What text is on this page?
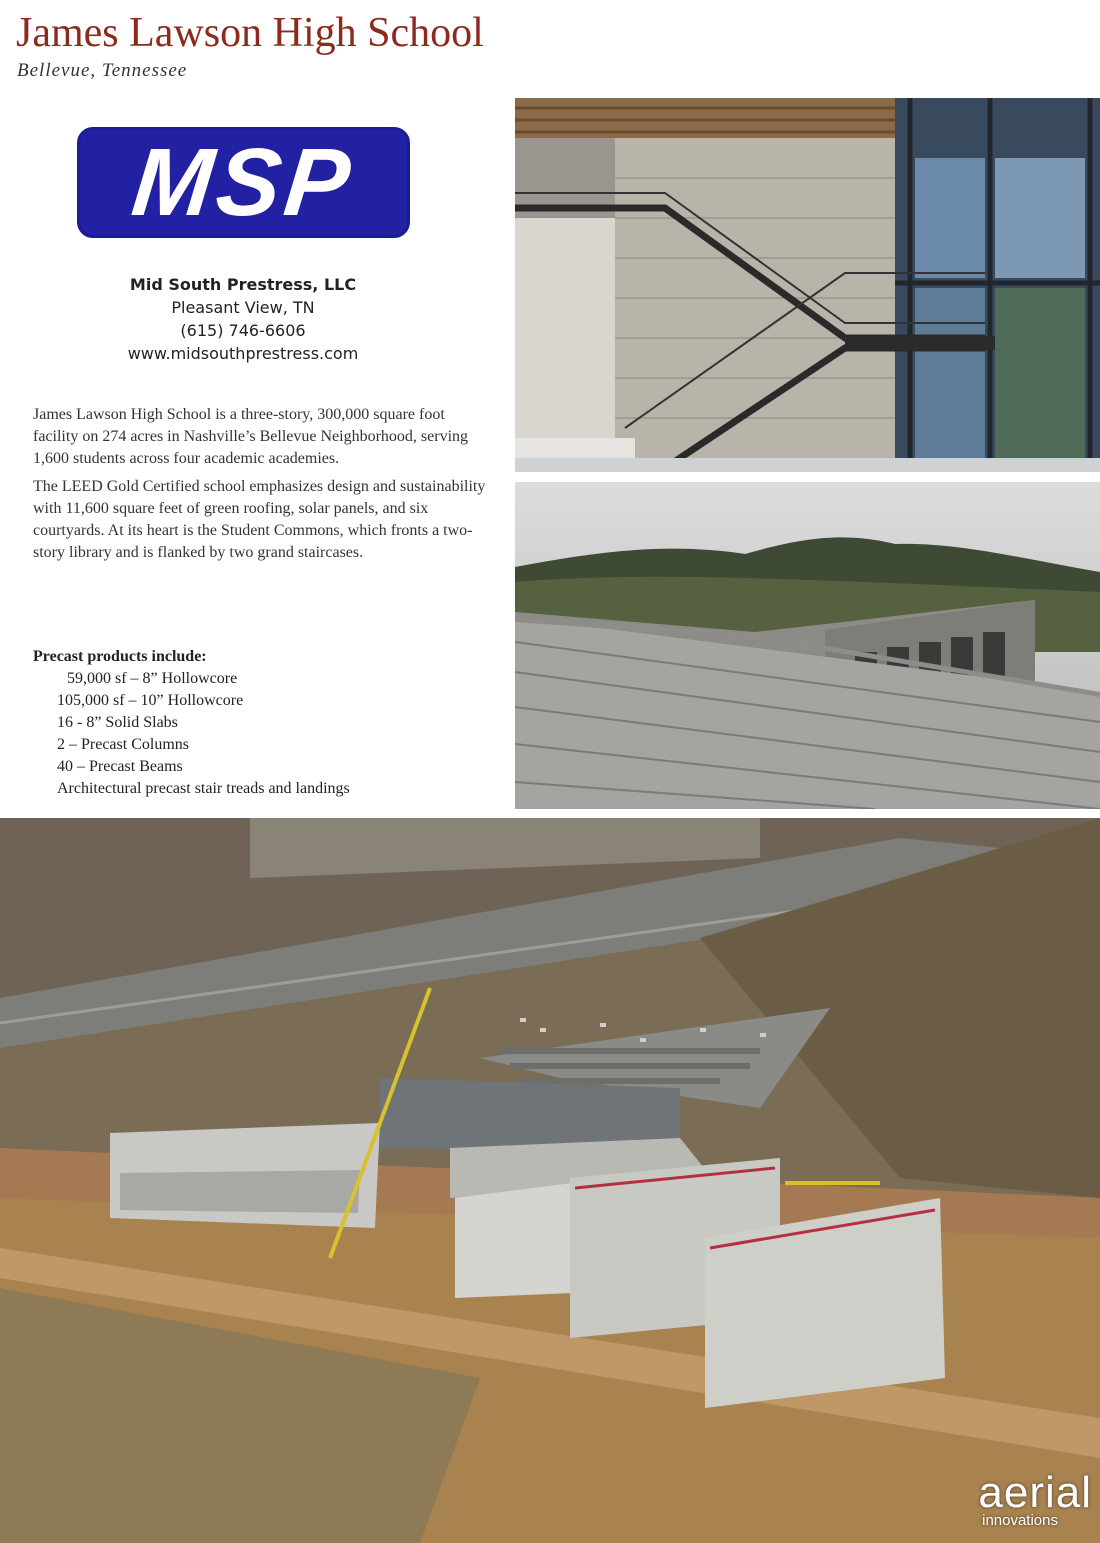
James Lawson High School
Bellevue, Tennessee
MSP
Mid South Prestress, LLC
Pleasant View, TN
(615) 746-6606
www.midsouthprestress.com

James Lawson High School is a three-story, 300,000 square foot facility on 274 acres in Nashville’s Bellevue Neighborhood, serving 1,600 students across four academic academies.

The LEED Gold Certified school emphasizes design and sustainability with 11,600 square feet of green roofing, solar panels, and six courtyards. At its heart is the Student Commons, which fronts a two-story library and is flanked by two grand staircases.

Precast products include:
59,000 sf – 8” Hollowcore
105,000 sf – 10” Hollowcore
16 - 8” Solid Slabs
2 – Precast Columns
40 – Precast Beams
Architectural precast stair treads and landings
aerial
innovations
